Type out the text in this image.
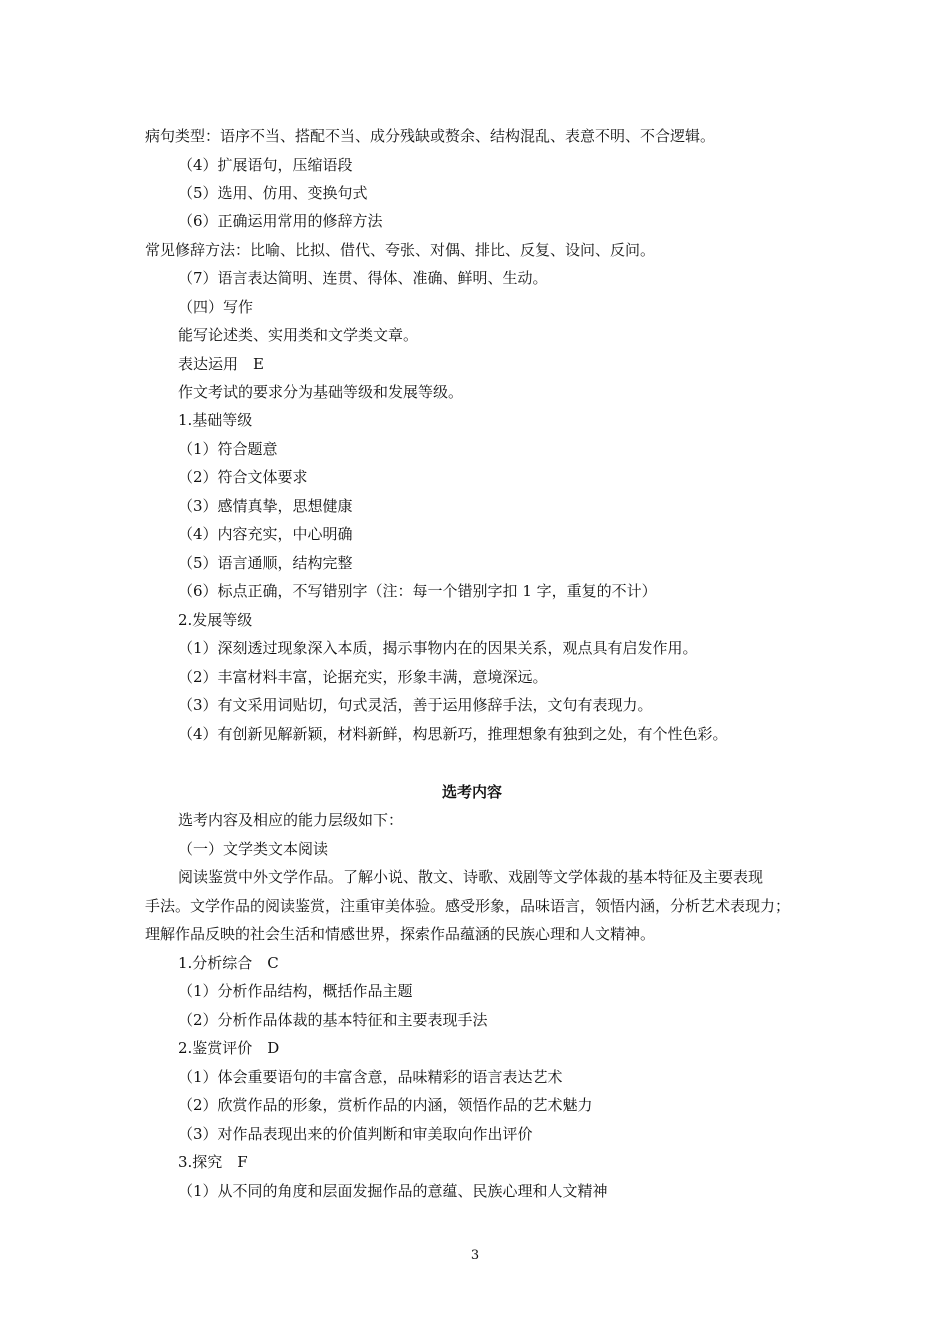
病句类型：语序不当、搭配不当、成分残缺或赘余、结构混乱、表意不明、不合逻辑。
（4）扩展语句，压缩语段
（5）选用、仿用、变换句式
（6）正确运用常用的修辞方法
常见修辞方法：比喻、比拟、借代、夸张、对偶、排比、反复、设问、反问。
（7）语言表达简明、连贯、得体、准确、鲜明、生动。
（四）写作
能写论述类、实用类和文学类文章。
表达运用　E
作文考试的要求分为基础等级和发展等级。
1.基础等级
（1）符合题意
（2）符合文体要求
（3）感情真挚，思想健康
（4）内容充实，中心明确
（5）语言通顺，结构完整
（6）标点正确，不写错别字（注：每一个错别字扣 1 字，重复的不计）
2.发展等级
（1）深刻透过现象深入本质，揭示事物内在的因果关系，观点具有启发作用。
（2）丰富材料丰富，论据充实，形象丰满，意境深远。
（3）有文采用词贴切，句式灵活，善于运用修辞手法，文句有表现力。
（4）有创新见解新颖，材料新鲜，构思新巧，推理想象有独到之处，有个性色彩。
选考内容
选考内容及相应的能力层级如下：
（一）文学类文本阅读
阅读鉴赏中外文学作品。了解小说、散文、诗歌、戏剧等文学体裁的基本特征及主要表现
手法。文学作品的阅读鉴赏，注重审美体验。感受形象，品味语言，领悟内涵，分析艺术表现力；
理解作品反映的社会生活和情感世界，探索作品蕴涵的民族心理和人文精神。
1.分析综合　C
（1）分析作品结构，概括作品主题
（2）分析作品体裁的基本特征和主要表现手法
2.鉴赏评价　D
（1）体会重要语句的丰富含意，品味精彩的语言表达艺术
（2）欣赏作品的形象，赏析作品的内涵，领悟作品的艺术魅力
（3）对作品表现出来的价值判断和审美取向作出评价
3.探究　F
（1）从不同的角度和层面发掘作品的意蕴、民族心理和人文精神
3
